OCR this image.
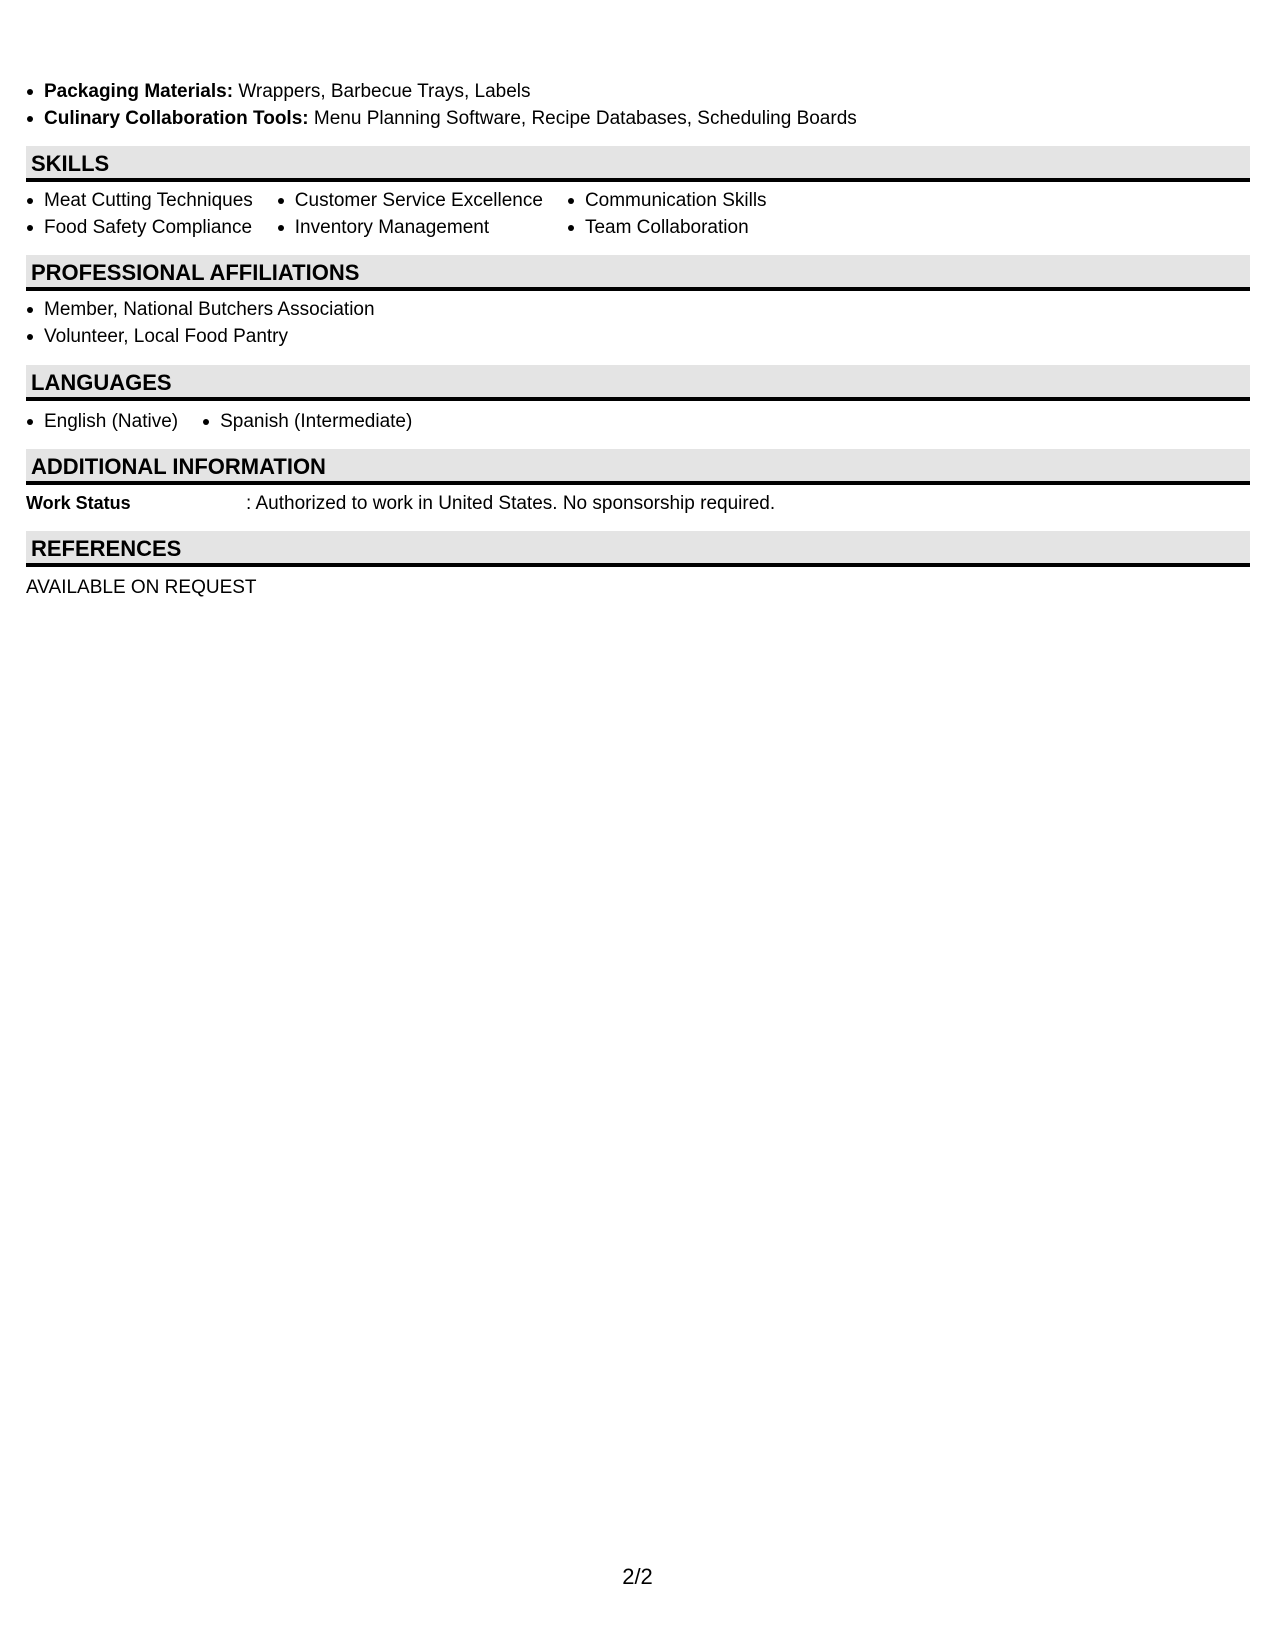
Packaging Materials: Wrappers, Barbecue Trays, Labels
Culinary Collaboration Tools: Menu Planning Software, Recipe Databases, Scheduling Boards
SKILLS
Meat Cutting Techniques
Food Safety Compliance
Customer Service Excellence
Inventory Management
Communication Skills
Team Collaboration
PROFESSIONAL AFFILIATIONS
Member, National Butchers Association
Volunteer, Local Food Pantry
LANGUAGES
English (Native)	Spanish (Intermediate)
ADDITIONAL INFORMATION
Work Status	: Authorized to work in United States. No sponsorship required.
REFERENCES
AVAILABLE ON REQUEST
2/2
